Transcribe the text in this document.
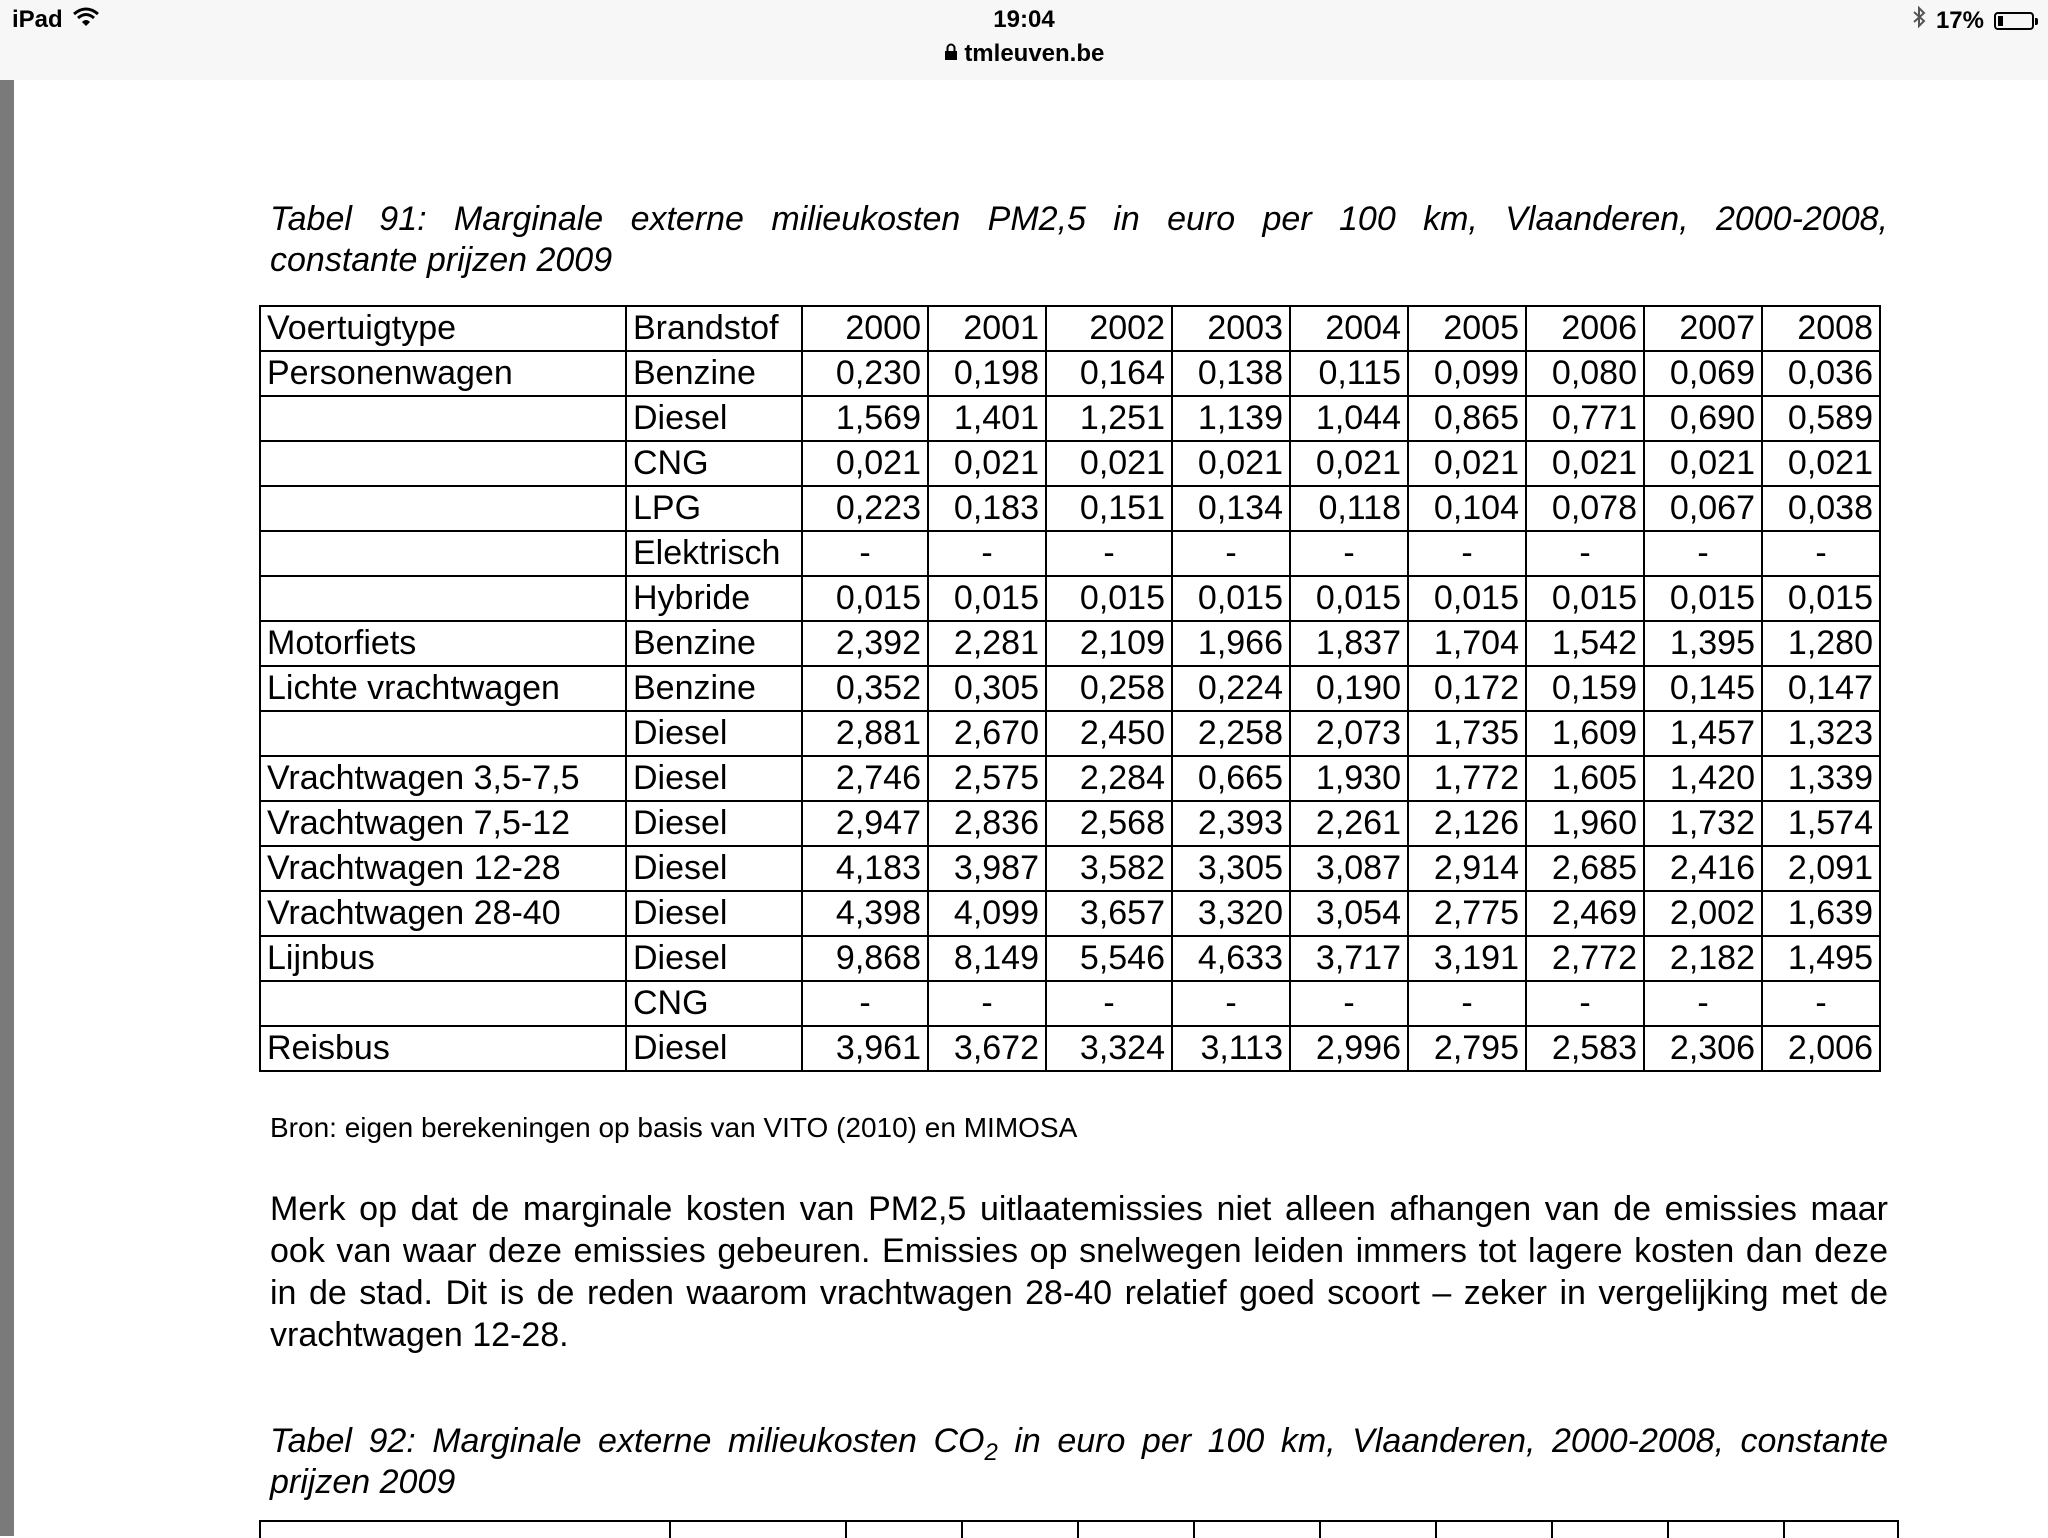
iPad	19:04
tmleuven.be
17%
Tabel 91: Marginale externe milieukosten PM2,5 in euro per 100 km, Vlaanderen, 2000-2008,
constante prijzen 2009
Voertuigtype	Brandstof	2000	2001	2002	2003	2004	2005	2006	2007	2008
Personenwagen	Benzine	0,230	0,198	0,164	0,138	0,115	0,099	0,080	0,069	0,036
	Diesel	1,569	1,401	1,251	1,139	1,044	0,865	0,771	0,690	0,589
	CNG	0,021	0,021	0,021	0,021	0,021	0,021	0,021	0,021	0,021
	LPG	0,223	0,183	0,151	0,134	0,118	0,104	0,078	0,067	0,038
	Elektrisch	-	-	-	-	-	-	-	-	-
	Hybride	0,015	0,015	0,015	0,015	0,015	0,015	0,015	0,015	0,015
Motorfiets	Benzine	2,392	2,281	2,109	1,966	1,837	1,704	1,542	1,395	1,280
Lichte vrachtwagen	Benzine	0,352	0,305	0,258	0,224	0,190	0,172	0,159	0,145	0,147
	Diesel	2,881	2,670	2,450	2,258	2,073	1,735	1,609	1,457	1,323
Vrachtwagen 3,5-7,5	Diesel	2,746	2,575	2,284	0,665	1,930	1,772	1,605	1,420	1,339
Vrachtwagen 7,5-12	Diesel	2,947	2,836	2,568	2,393	2,261	2,126	1,960	1,732	1,574
Vrachtwagen 12-28	Diesel	4,183	3,987	3,582	3,305	3,087	2,914	2,685	2,416	2,091
Vrachtwagen 28-40	Diesel	4,398	4,099	3,657	3,320	3,054	2,775	2,469	2,002	1,639
Lijnbus	Diesel	9,868	8,149	5,546	4,633	3,717	3,191	2,772	2,182	1,495
	CNG	-	-	-	-	-	-	-	-	-
Reisbus	Diesel	3,961	3,672	3,324	3,113	2,996	2,795	2,583	2,306	2,006
Bron: eigen berekeningen op basis van VITO (2010) en MIMOSA
Merk op dat de marginale kosten van PM2,5 uitlaatemissies niet alleen afhangen van de emissies maar ook van waar deze emissies gebeuren. Emissies op snelwegen leiden immers tot lagere kosten dan deze in de stad. Dit is de reden waarom vrachtwagen 28-40 relatief goed scoort – zeker in vergelijking met de vrachtwagen 12-28.
Tabel 92: Marginale externe milieukosten $CO_2$ in euro per 100 km, Vlaanderen, 2000-2008, constante
prijzen 2009
